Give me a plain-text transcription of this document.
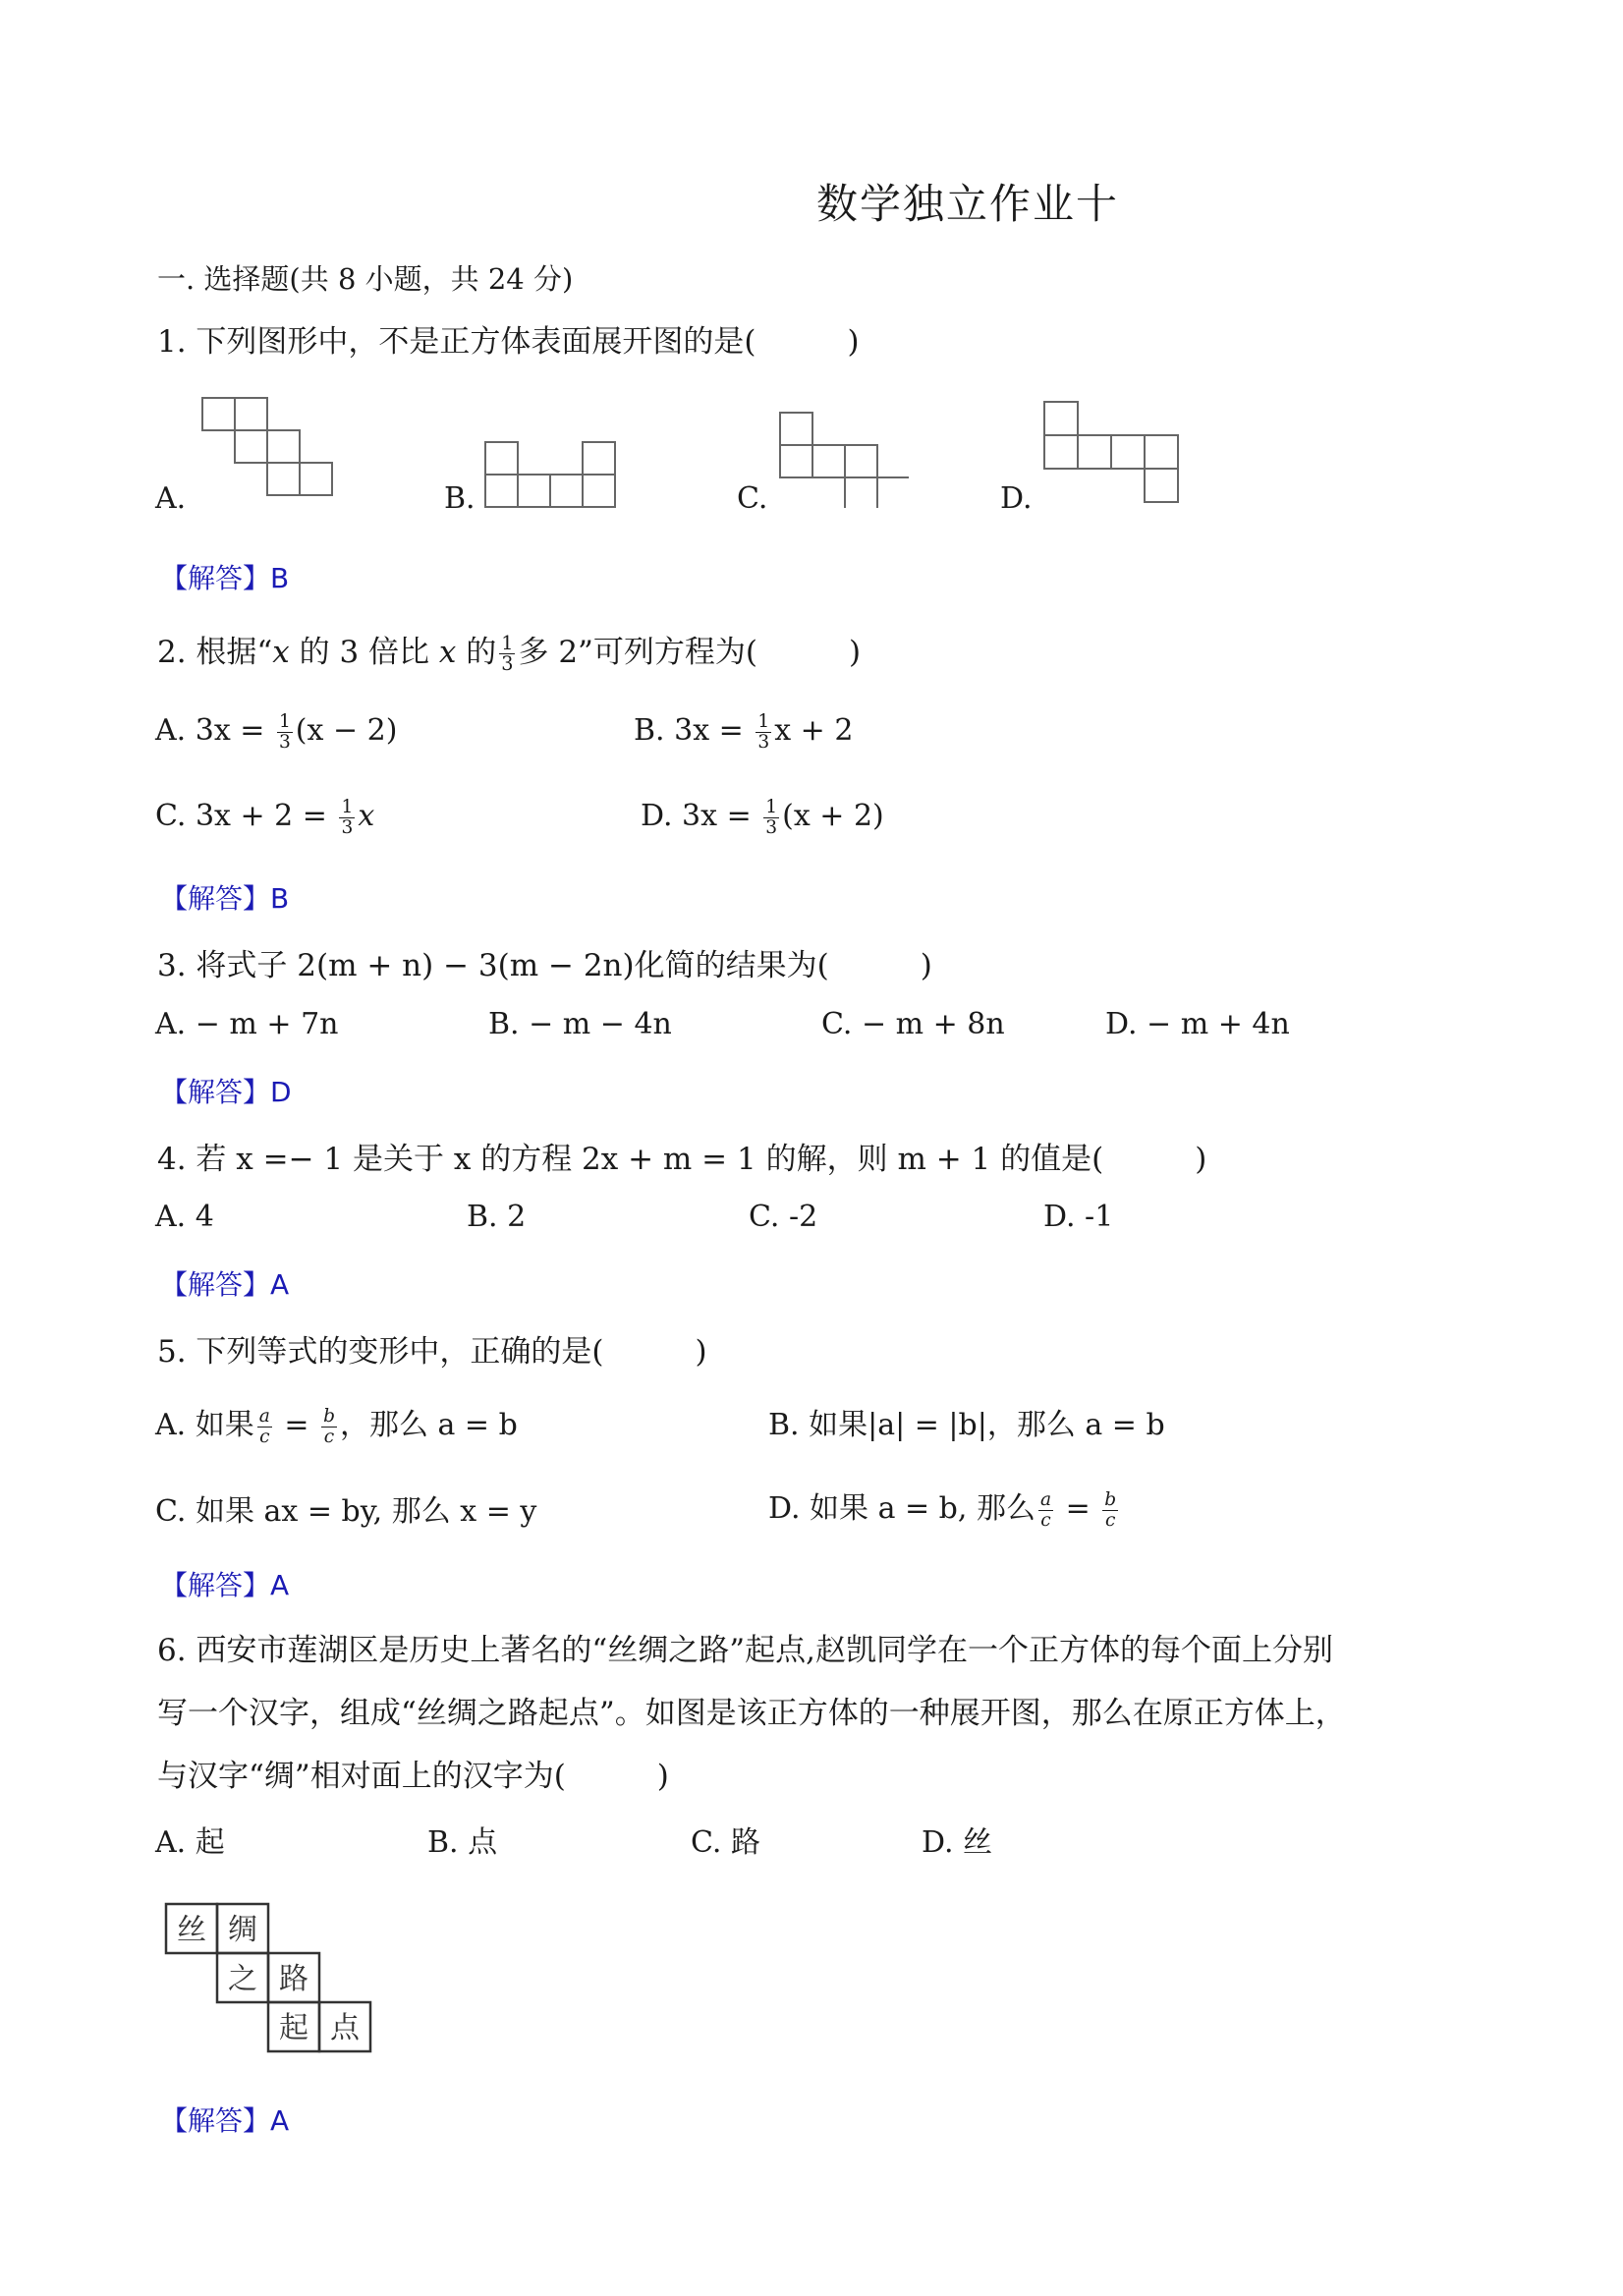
数学独立作业十
一. 选择题(共 8 小题，共 24 分)
1. 下列图形中，不是正方体表面展开图的是(　　　)
A.	B.	C.	D.
【解答】B
2. 根据“x 的 3 倍比 x 的 $\frac{1}{3}$ 多 2”可列方程为(　　　)
A. $3x = \frac{1}{3} (x - 2)$	B. $3x = \frac{1}{3}$ x + 2
C. $3x + 2 = \frac{1}{3}$ x	D. $3x = \frac{1}{3} (x + 2)$
【解答】B
3. 将式子 2(m + n) − 3(m − 2n)化简的结果为(　　　)
A. − m + 7n	B. − m − 4n	C. − m + 8n	D. − m + 4n
【解答】D
4. 若 x =− 1 是关于 x 的方程 2x + m = 1 的解，则 m + 1 的值是(　　　)
A. 4	B. 2	C. -2	D. -1
【解答】A
5. 下列等式的变形中，正确的是(　　　)
A. 如果 $\frac{a}{c} = \frac{b}{c}$ ，那么 a = b	B. 如果|a| = |b|，那么 a = b
C. 如果 ax = by, 那么 x = y	D. 如果 a = b, 那么 $\frac{a}{c} = \frac{b}{c}$
【解答】A
6. 西安市莲湖区是历史上著名的“丝绸之路”起点,赵凯同学在一个正方体的每个面上分别
写一个汉字，组成“丝绸之路起点”。如图是该正方体的一种展开图，那么在原正方体上，
与汉字“绸”相对面上的汉字为(　　　)
A. 起	B. 点	C. 路	D. 丝
丝 绸
之 路
起 点
【解答】A
